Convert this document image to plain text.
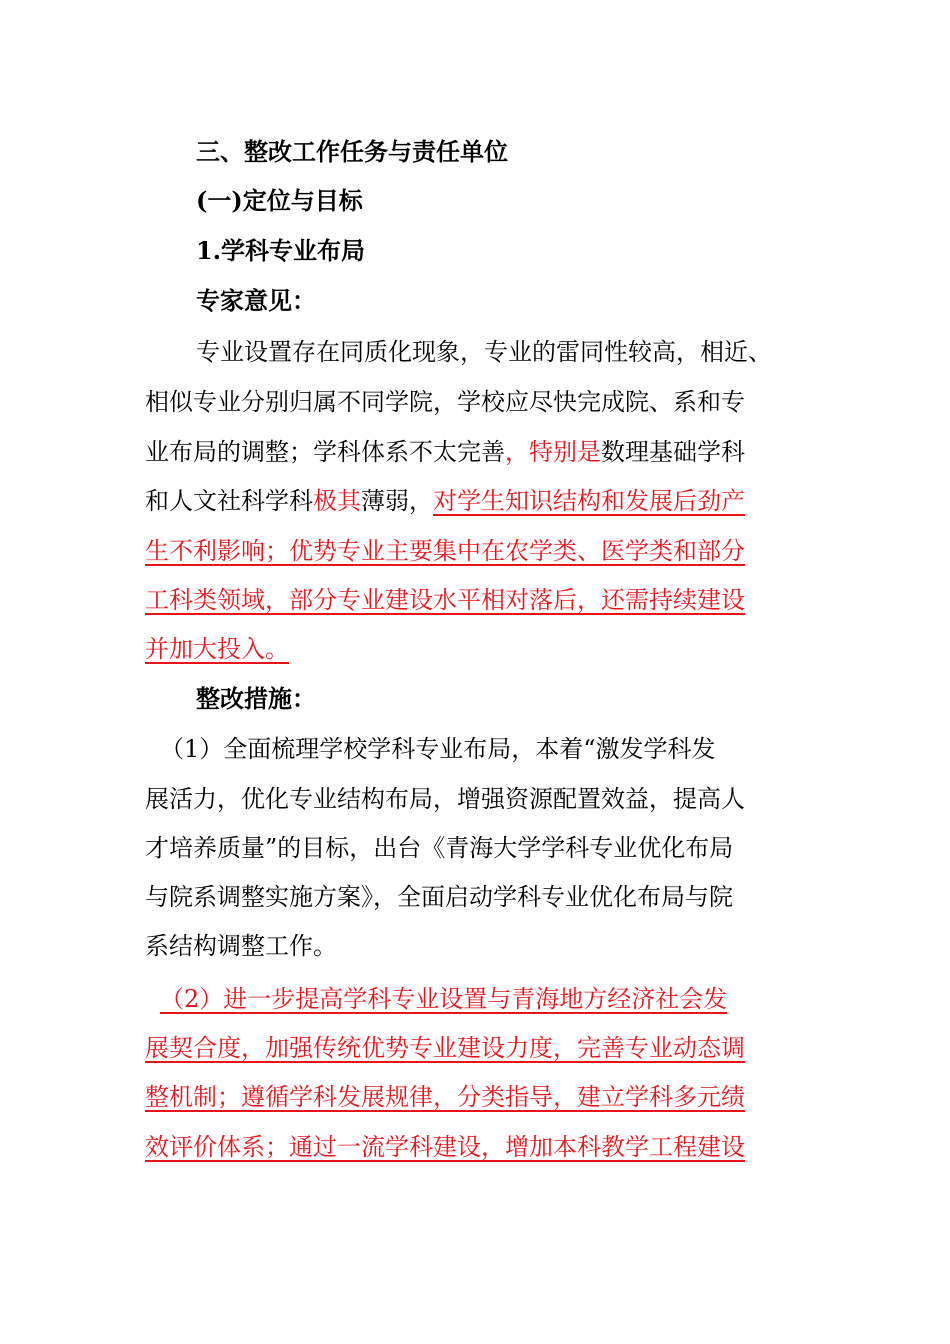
三、整改工作任务与责任单位
(一)定位与目标
1.学科专业布局
专家意见：
专业设置存在同质化现象，专业的雷同性较高，相近、
相似专业分别归属不同学院，学校应尽快完成院、系和专
业布局的调整；学科体系不太完善，特别是数理基础学科
和人文社科学科极其薄弱，对学生知识结构和发展后劲产
生不利影响；优势专业主要集中在农学类、医学类和部分
工科类领域，部分专业建设水平相对落后，还需持续建设
并加大投入。
整改措施：
（1）全面梳理学校学科专业布局，本着“激发学科发
展活力，优化专业结构布局，增强资源配置效益，提高人
才培养质量”的目标，出台《青海大学学科专业优化布局
与院系调整实施方案》，全面启动学科专业优化布局与院
系结构调整工作。
（2）进一步提高学科专业设置与青海地方经济社会发
展契合度，加强传统优势专业建设力度，完善专业动态调
整机制；遵循学科发展规律，分类指导，建立学科多元绩
效评价体系；通过一流学科建设，增加本科教学工程建设
